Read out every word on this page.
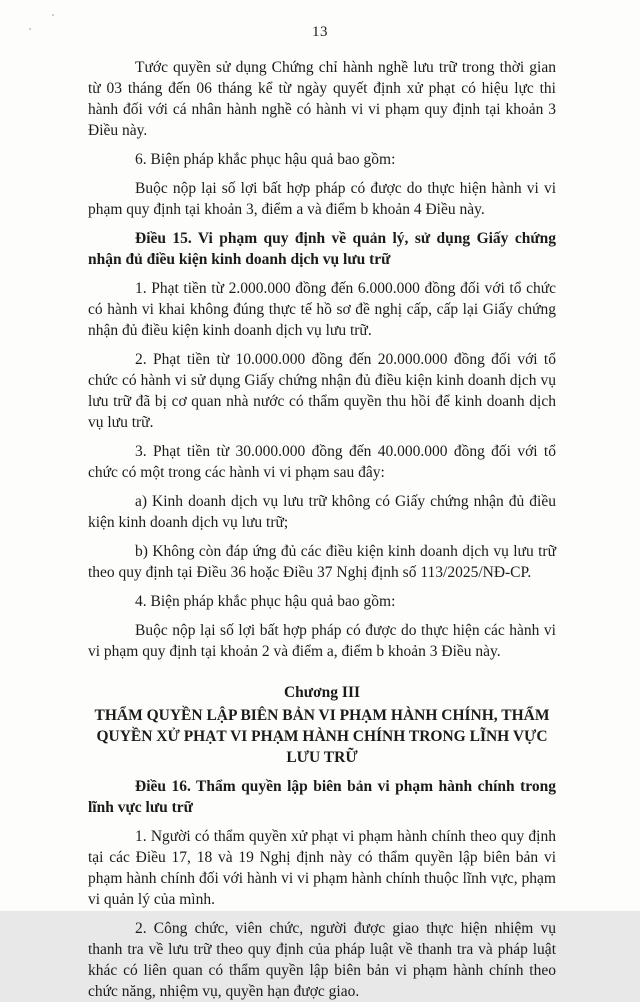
13

Tước quyền sử dụng Chứng chỉ hành nghề lưu trữ trong thời gian từ 03 tháng đến 06 tháng kể từ ngày quyết định xử phạt có hiệu lực thi hành đối với cá nhân hành nghề có hành vi vi phạm quy định tại khoản 3 Điều này.

6. Biện pháp khắc phục hậu quả bao gồm:

Buộc nộp lại số lợi bất hợp pháp có được do thực hiện hành vi vi phạm quy định tại khoản 3, điểm a và điểm b khoản 4 Điều này.

Điều 15. Vi phạm quy định về quản lý, sử dụng Giấy chứng nhận đủ điều kiện kinh doanh dịch vụ lưu trữ

1. Phạt tiền từ 2.000.000 đồng đến 6.000.000 đồng đối với tổ chức có hành vi khai không đúng thực tế hồ sơ đề nghị cấp, cấp lại Giấy chứng nhận đủ điều kiện kinh doanh dịch vụ lưu trữ.

2. Phạt tiền từ 10.000.000 đồng đến 20.000.000 đồng đối với tổ chức có hành vi sử dụng Giấy chứng nhận đủ điều kiện kinh doanh dịch vụ lưu trữ đã bị cơ quan nhà nước có thẩm quyền thu hồi để kinh doanh dịch vụ lưu trữ.

3. Phạt tiền từ 30.000.000 đồng đến 40.000.000 đồng đối với tổ chức có một trong các hành vi vi phạm sau đây:

a) Kinh doanh dịch vụ lưu trữ không có Giấy chứng nhận đủ điều kiện kinh doanh dịch vụ lưu trữ;

b) Không còn đáp ứng đủ các điều kiện kinh doanh dịch vụ lưu trữ theo quy định tại Điều 36 hoặc Điều 37 Nghị định số 113/2025/NĐ-CP.

4. Biện pháp khắc phục hậu quả bao gồm:

Buộc nộp lại số lợi bất hợp pháp có được do thực hiện các hành vi vi phạm quy định tại khoản 2 và điểm a, điểm b khoản 3 Điều này.

Chương III

THẨM QUYỀN LẬP BIÊN BẢN VI PHẠM HÀNH CHÍNH, THẨM QUYỀN XỬ PHẠT VI PHẠM HÀNH CHÍNH TRONG LĨNH VỰC LƯU TRỮ

Điều 16. Thẩm quyền lập biên bản vi phạm hành chính trong lĩnh vực lưu trữ

1. Người có thẩm quyền xử phạt vi phạm hành chính theo quy định tại các Điều 17, 18 và 19 Nghị định này có thẩm quyền lập biên bản vi phạm hành chính đối với hành vi vi phạm hành chính thuộc lĩnh vực, phạm vi quản lý của mình.

2. Công chức, viên chức, người được giao thực hiện nhiệm vụ thanh tra về lưu trữ theo quy định của pháp luật về thanh tra và pháp luật khác có liên quan có thẩm quyền lập biên bản vi phạm hành chính theo chức năng, nhiệm vụ, quyền hạn được giao.
